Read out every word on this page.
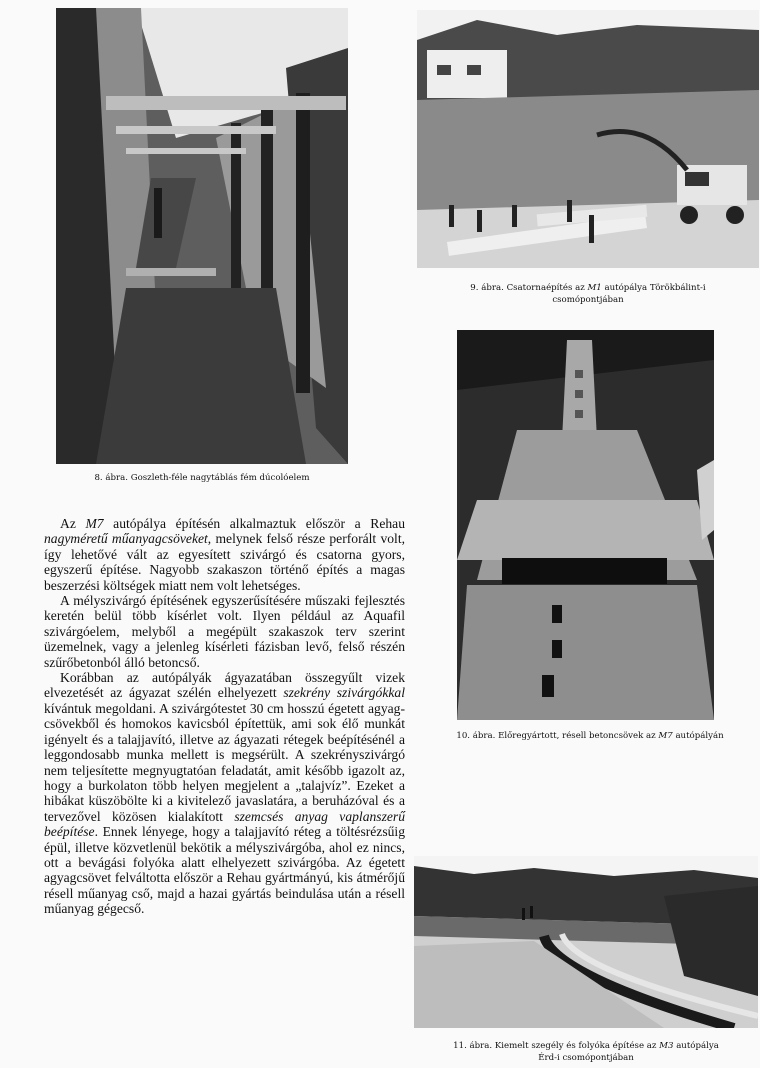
8. ábra. Goszleth-féle nagytáblás fém dúcolóelem
9. ábra. Csatornaépítés az M1 autópálya Törökbálint-i
csomópontjában
10. ábra. Előregyártott, résell betoncsövek az M7 autópályán
11. ábra. Kiemelt szegély és folyóka építése az M3 autópálya
Érd-i csomópontjában

Az M7 autópálya építésén alkalmaztuk először a Rehau nagyméretű műanyagcsöveket, melynek felső része perforált volt, így lehetővé vált az egyesített szivárgó és csatorna gyors, egyszerű építése. Nagyobb szakaszon történő építés a magas beszerzési költségek miatt nem volt lehetséges.

A mélyszivárgó építésének egyszerűsítésére műszaki fejlesztés keretén belül több kísérlet volt. Ilyen például az Aquafil szivárgóelem, melyből a megépült szakaszok terv szerint üzemelnek, vagy a jelenleg kísérleti fázisban levő, felső részén szűrőbetonból álló betoncső.

Korábban az autópályák ágyazatában összegyűlt vizek elvezetését az ágyazat szélén elhelyezett szekrény szivárgókkal kívántuk megoldani. A szivárgótestet 30 cm hosszú égetett agyag-csövekből és homokos kavicsból építettük, ami sok élő munkát igényelt és a talajjavító, illetve az ágyazati rétegek beépítésénél a leggondosabb munka mellett is megsérült. A szekrényszivárgó nem teljesítette megnyugtatóan feladatát, amit később igazolt az, hogy a burkolaton több helyen megjelent a „talajvíz”. Ezeket a hibákat küszöbölte ki a kivitelező javaslatára, a beruházóval és a tervezővel közösen kialakított szemcsés anyag vaplanszerű beépítése. Ennek lényege, hogy a talajjavító réteg a töltésrézsűig épül, illetve közvetlenül bekötik a mélyszivárgóba, ahol ez nincs, ott a bevágási folyóka alatt elhelyezett szivárgóba. Az égetett agyagcsövet felváltotta először a Rehau gyártmányú, kis átmérőjű résell műanyag cső, majd a hazai gyártás beindulása után a résell műanyag gégecső.
